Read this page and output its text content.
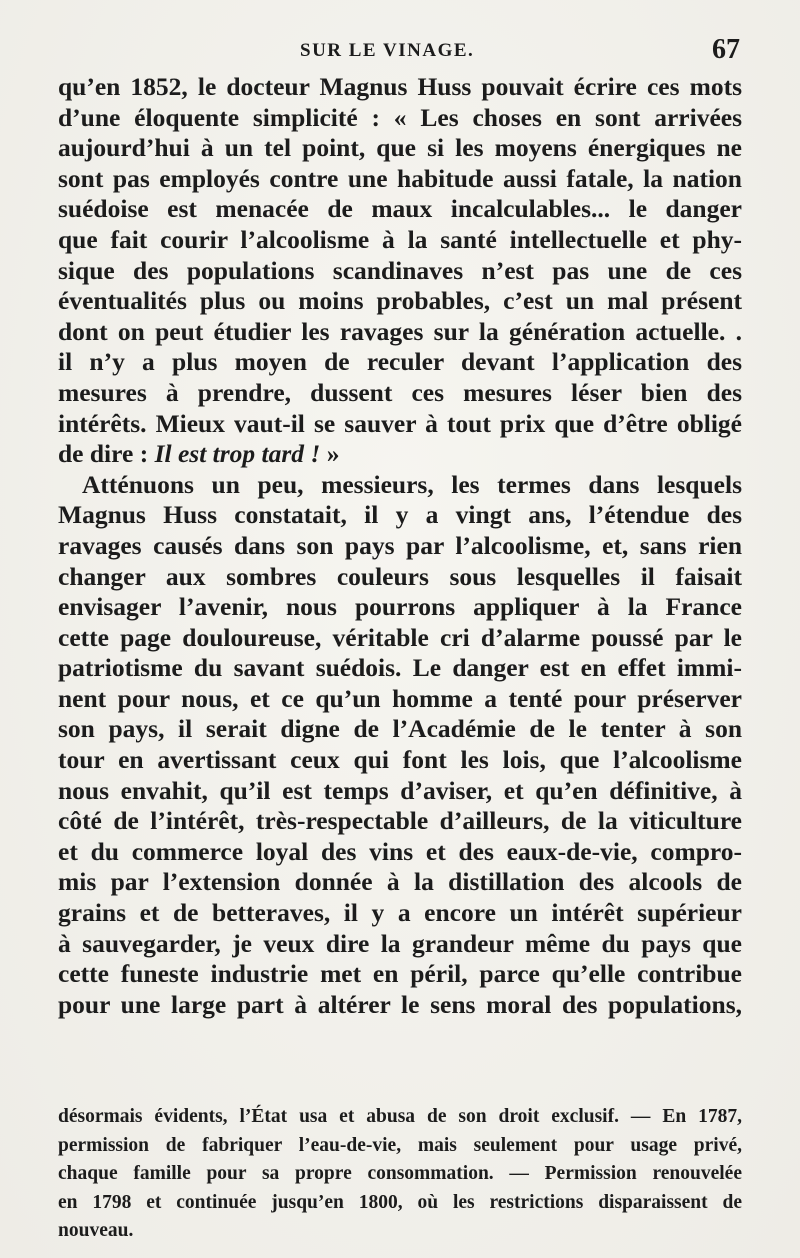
SUR LE VINAGE.	67
qu’en 1852, le docteur Magnus Huss pouvait écrire ces mots
d’une éloquente simplicité : « Les choses en sont arrivées
aujourd’hui à un tel point, que si les moyens énergiques ne
sont pas employés contre une habitude aussi fatale, la nation
suédoise est menacée de maux incalculables... le danger
que fait courir l’alcoolisme à la santé intellectuelle et phy-
sique des populations scandinaves n’est pas une de ces
éventualités plus ou moins probables, c’est un mal présent
dont on peut étudier les ravages sur la génération actuelle. .
il n’y a plus moyen de reculer devant l’application des
mesures à prendre, dussent ces mesures léser bien des
intérêts. Mieux vaut-il se sauver à tout prix que d’être obligé
de dire : Il est trop tard ! »
Atténuons un peu, messieurs, les termes dans lesquels
Magnus Huss constatait, il y a vingt ans, l’étendue des
ravages causés dans son pays par l’alcoolisme, et, sans rien
changer aux sombres couleurs sous lesquelles il faisait
envisager l’avenir, nous pourrons appliquer à la France
cette page douloureuse, véritable cri d’alarme poussé par le
patriotisme du savant suédois. Le danger est en effet immi-
nent pour nous, et ce qu’un homme a tenté pour préserver
son pays, il serait digne de l’Académie de le tenter à son
tour en avertissant ceux qui font les lois, que l’alcoolisme
nous envahit, qu’il est temps d’aviser, et qu’en définitive, à
côté de l’intérêt, très-respectable d’ailleurs, de la viticulture
et du commerce loyal des vins et des eaux-de-vie, compro-
mis par l’extension donnée à la distillation des alcools de
grains et de betteraves, il y a encore un intérêt supérieur
à sauvegarder, je veux dire la grandeur même du pays que
cette funeste industrie met en péril, parce qu’elle contribue
pour une large part à altérer le sens moral des populations,
désormais évidents, l’État usa et abusa de son droit exclusif. — En 1787,
permission de fabriquer l’eau-de-vie, mais seulement pour usage privé,
chaque famille pour sa propre consommation. — Permission renouvelée
en 1798 et continuée jusqu’en 1800, où les restrictions disparaissent de
nouveau.
